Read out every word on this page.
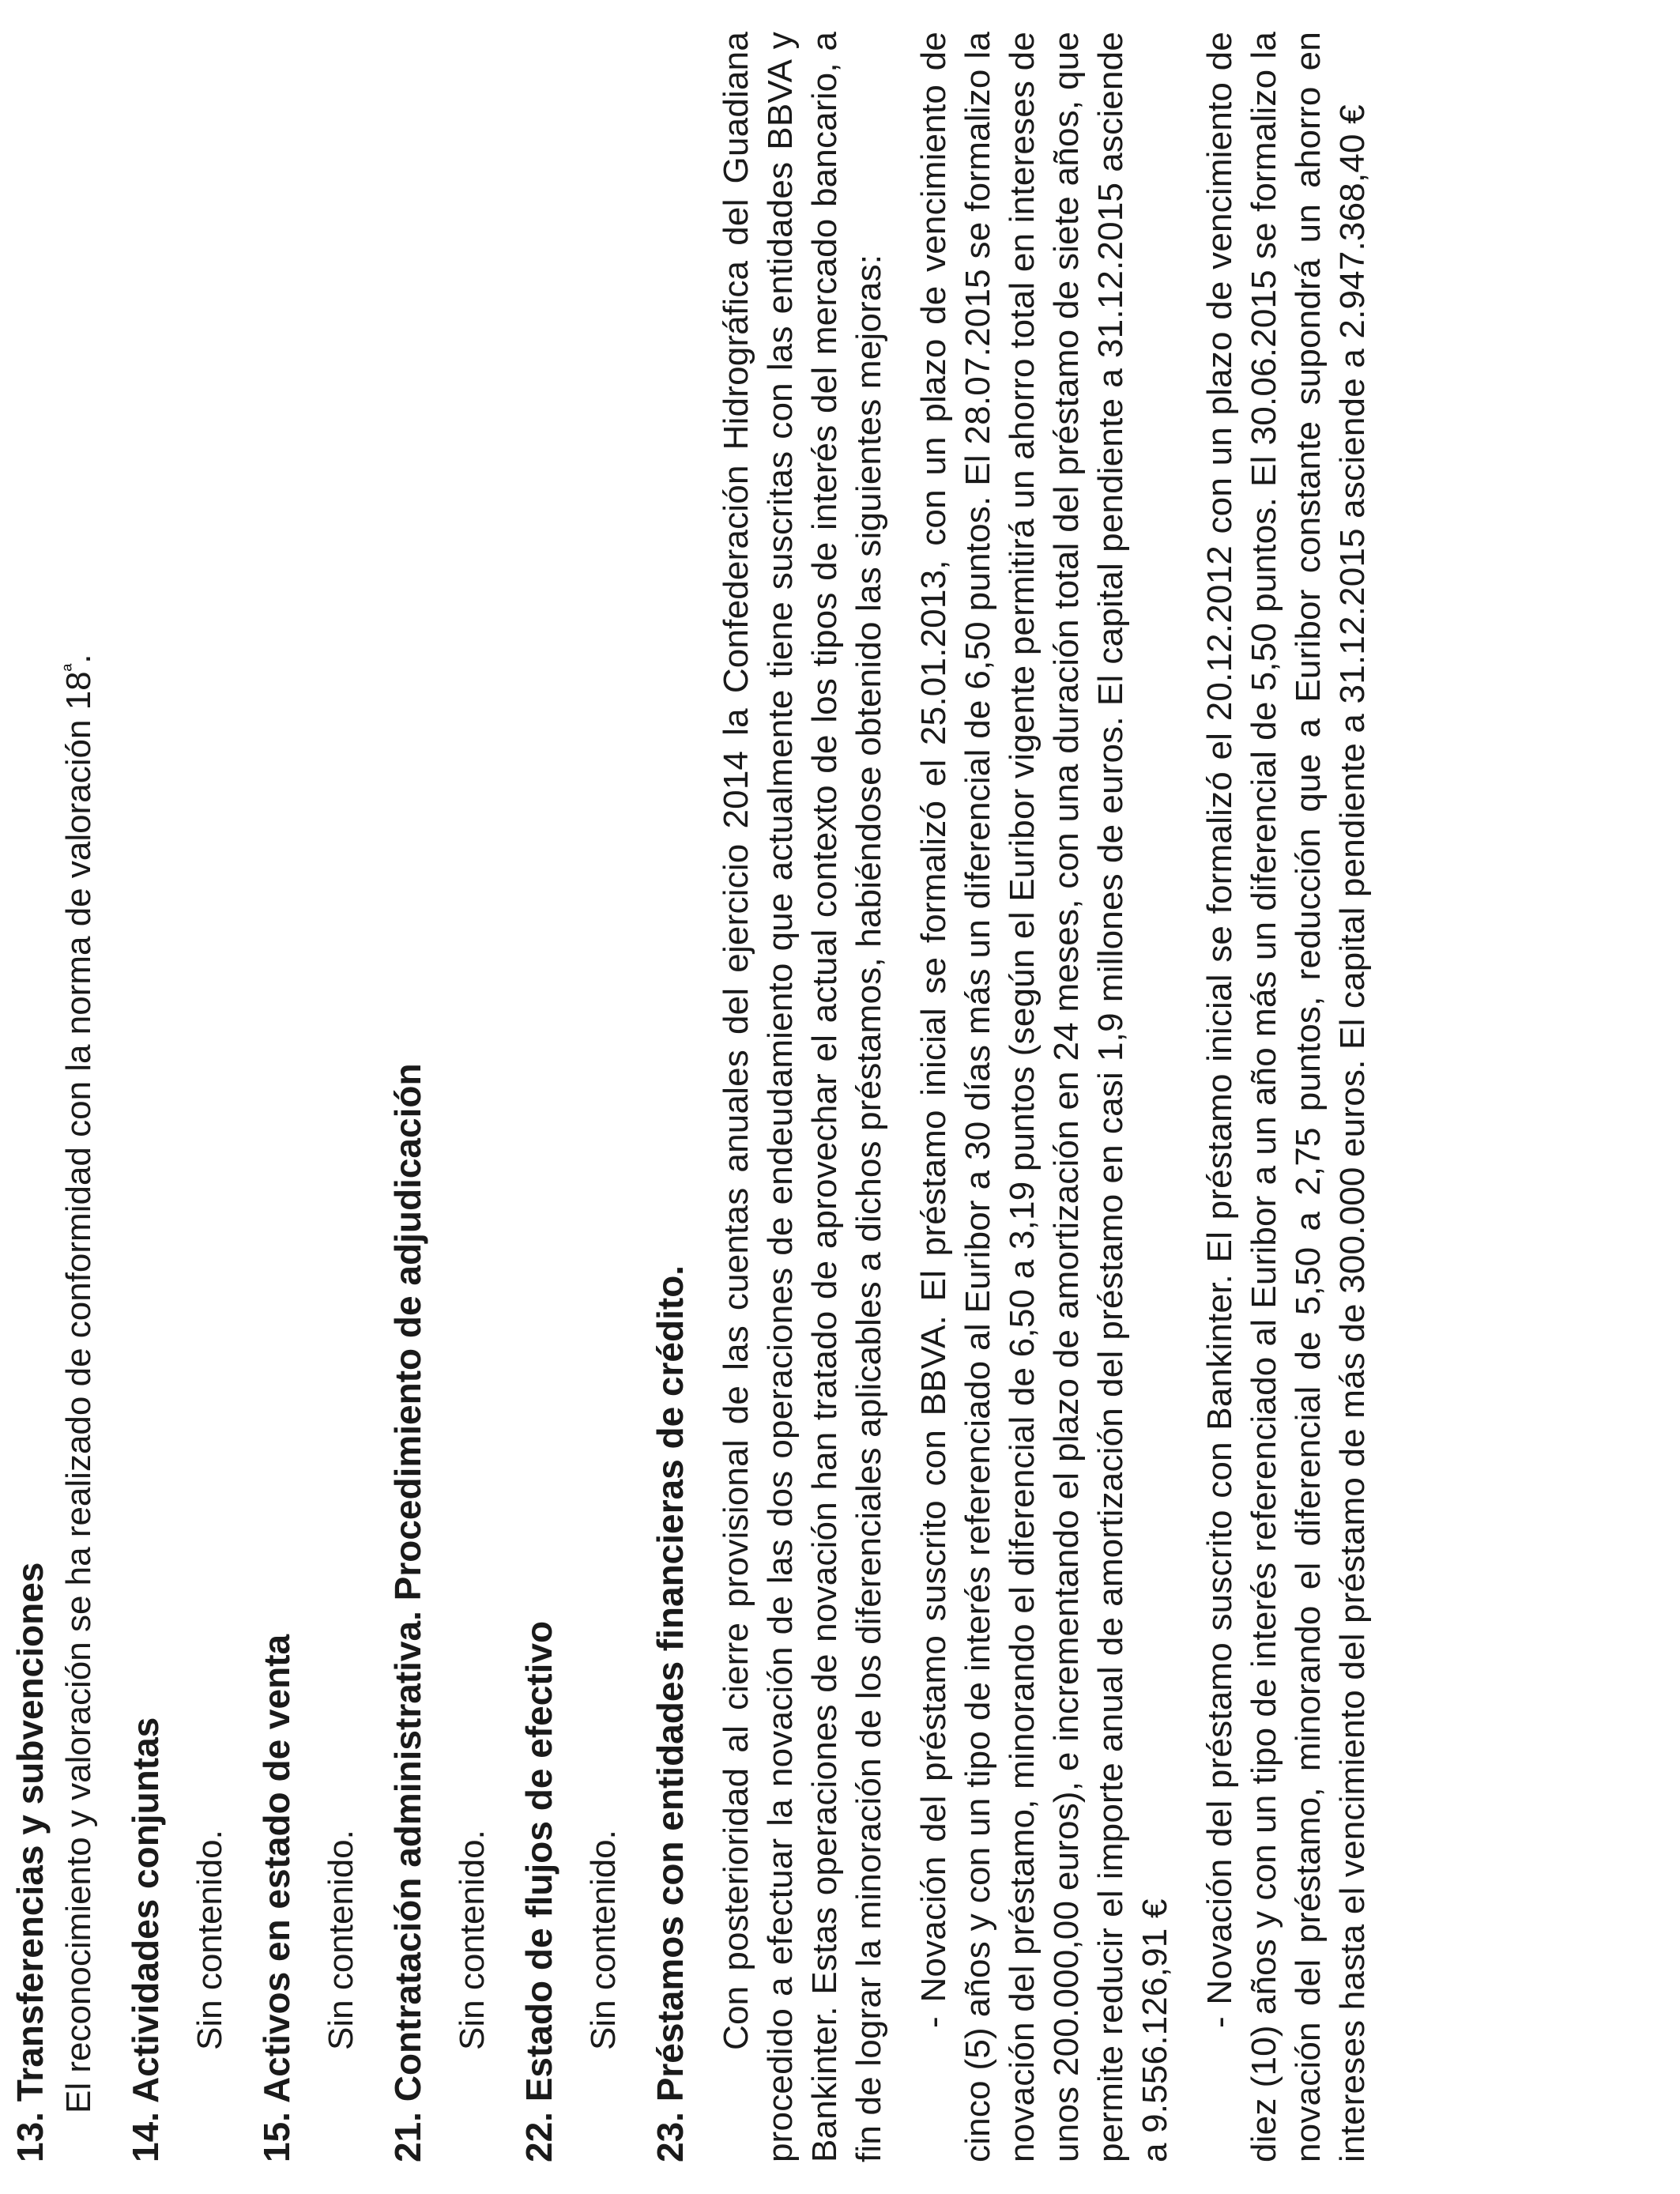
13. Transferencias y subvenciones El reconocimiento y valoración se ha realizado de conformidad con la norma de valoración $18^ª$.

14. Actividades conjuntas Sin contenido. 15. Activos en estado de venta Sin contenido. 21. Contratación administrativa. Procedimiento de adjudicación Sin contenido. 22. Estado de flujos de efectivo Sin contenido. 23. Préstamos con entidades financieras de crédito. Con posterioridad al cierre provisional de las cuentas anuales del ejercicio 2014 la Confederación Hidrográfica del Guadiana procedido a efectuar la novación de las dos operaciones de endeudamiento que actualmente tiene suscritas con las entidades BBVA y Bankinter. Estas operaciones de novación han tratado de aprovechar el actual contexto de los tipos de interés del mercado bancario, a fin de lograr la minoración de los diferenciales aplicables a dichos préstamos, habiéndose obtenido las siguientes mejoras: - Novación del préstamo suscrito con BBVA. El préstamo inicial se formalizó el 25.01.2013, con un plazo de vencimiento de cinco (5) años y con un tipo de interés referenciado al Euribor a 30 días más un diferencial de 6,50 puntos. El 28.07.2015 se formalizo la novación del préstamo, minorando el diferencial de 6,50 a 3,19 puntos (según el Euribor vigente permitirá un ahorro total en intereses de unos 200.000,00 euros), e incrementando el plazo de amortización en 24 meses, con una duración total del préstamo de siete años, que permite reducir el importe anual de amortización del préstamo en casi 1,9 millones de euros. El capital pendiente a 31.12.2015 asciende a 9.556.126,91 €

- Novación del préstamo suscrito con Bankinter. El préstamo inicial se formalizó el 20.12.2012 con un plazo de vencimiento de diez (10) años y con un tipo de interés referenciado al Euribor a un año más un diferencial de 5,50 puntos. El 30.06.2015 se formalizo la novación del préstamo, minorando el diferencial de 5,50 a 2,75 puntos, reducción que a Euribor constante supondrá un ahorro en intereses hasta el vencimiento del préstamo de más de 300.000 euros. El capital pendiente a 31.12.2015 asciende a 2.947.368,40 €
